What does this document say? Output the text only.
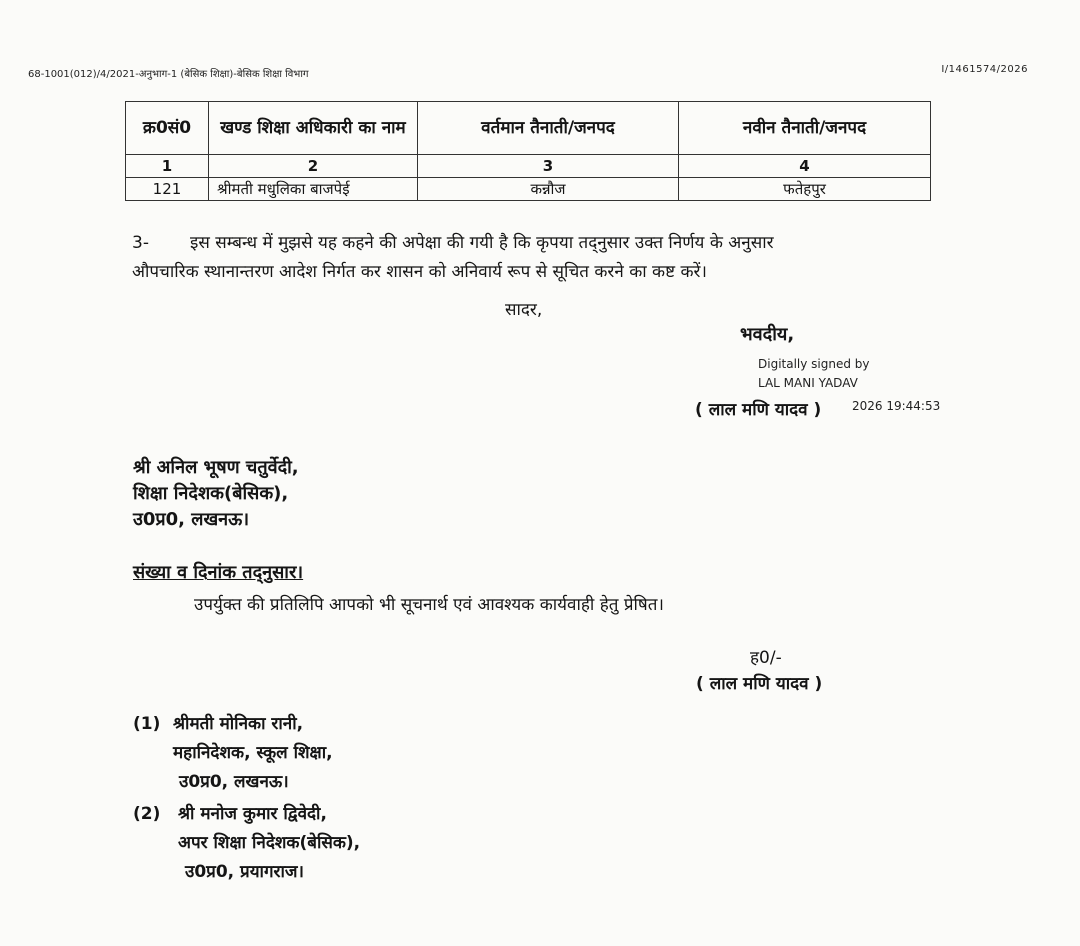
68-1001(012)/4/2021-अनुभाग-1 (बेसिक शिक्षा)-बेसिक शिक्षा विभाग	I/1461574/2026
क्र0सं0	खण्ड शिक्षा अधिकारी का नाम	वर्तमान तैनाती/जनपद	नवीन तैनाती/जनपद
1	2	3	4
121	श्रीमती मधुलिका बाजपेई	कन्नौज	फतेहपुर
3- इस सम्बन्ध में मुझसे यह कहने की अपेक्षा की गयी है कि कृपया तद्नुसार उक्त निर्णय के अनुसार
औपचारिक स्थानान्तरण आदेश निर्गत कर शासन को अनिवार्य रूप से सूचित करने का कष्ट करें।
सादर,
भवदीय,
Digitally signed by
LAL MANI YADAV
( लाल मणि यादव )	2026 19:44:53
श्री अनिल भूषण चतुर्वेदी,
शिक्षा निदेशक(बेसिक),
उ0प्र0, लखनऊ।
संख्या व दिनांक तद्नुसार।
उपर्युक्त की प्रतिलिपि आपको भी सूचनार्थ एवं आवश्यक कार्यवाही हेतु प्रेषित।
ह0/-
( लाल मणि यादव )
(1) श्रीमती मोनिका रानी,
महानिदेशक, स्कूल शिक्षा,
उ0प्र0, लखनऊ।
(2) श्री मनोज कुमार द्विवेदी,
अपर शिक्षा निदेशक(बेसिक),
उ0प्र0, प्रयागराज।
